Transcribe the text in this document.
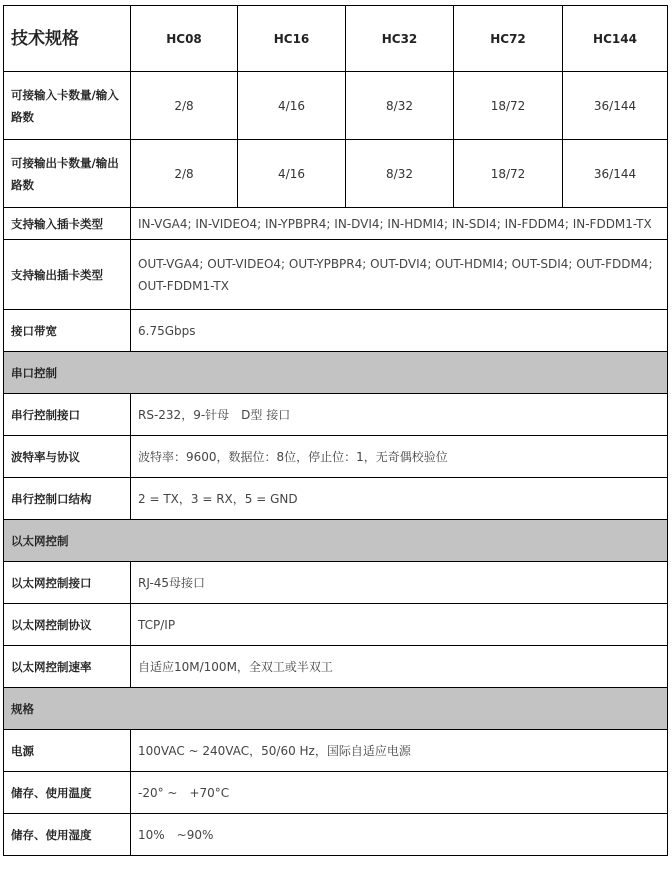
技术规格	HC08	HC16	HC32	HC72	HC144
可接输入卡数量/输入路数	2/8	4/16	8/32	18/72	36/144
可接输出卡数量/输出路数	2/8	4/16	8/32	18/72	36/144
支持输入插卡类型	IN-VGA4; IN-VIDEO4; IN-YPBPR4; IN-DVI4; IN-HDMI4; IN-SDI4; IN-FDDM4; IN-FDDM1-TX				
支持输出插卡类型	OUT-VGA4; OUT-VIDEO4; OUT-YPBPR4; OUT-DVI4; OUT-HDMI4; OUT-SDI4; OUT-FDDM4; OUT-FDDM1-TX				
接口带宽	6.75Gbps				
串口控制					
串行控制接口	RS-232，9-针母　D型 接口				
波特率与协议	波特率：9600，数据位：8位，停止位：1，无奇偶校验位				
串行控制口结构	2 = TX，3 = RX，5 = GND				
以太网控制					
以太网控制接口	RJ-45母接口				
以太网控制协议	TCP/IP				
以太网控制速率	自适应10M/100M，全双工或半双工				
规格					
电源	100VAC ~ 240VAC，50/60 Hz，国际自适应电源				
储存、使用温度	-20° ~　+70°C				
储存、使用湿度	10%　~90%				
